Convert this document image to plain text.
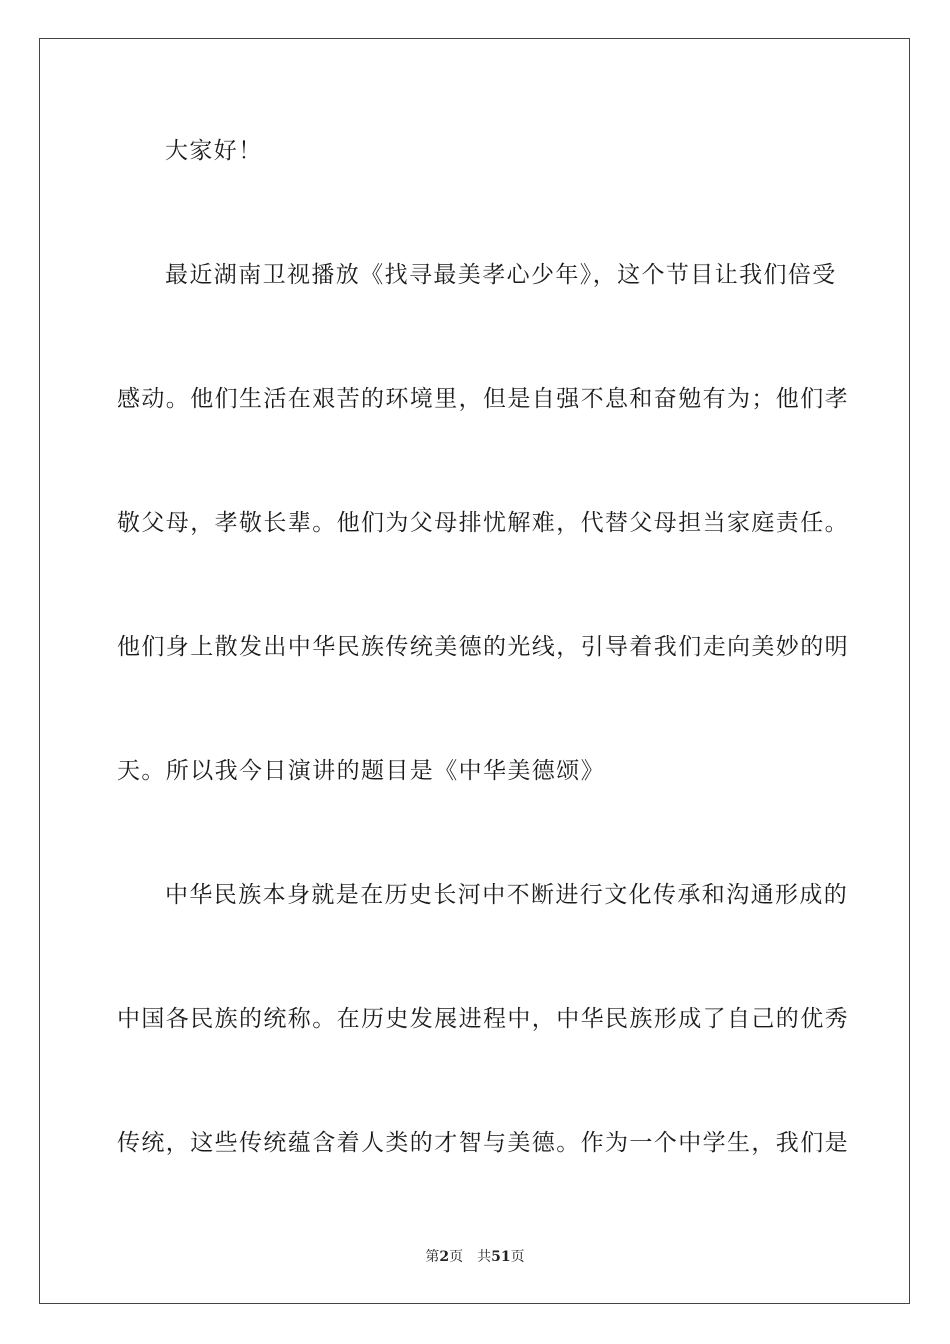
大家好！
最近湖南卫视播放《找寻最美孝心少年》，这个节目让我们倍受
感动。他们生活在艰苦的环境里，但是自强不息和奋勉有为；他们孝
敬父母，孝敬长辈。他们为父母排忧解难，代替父母担当家庭责任。
他们身上散发出中华民族传统美德的光线，引导着我们走向美妙的明
天。所以我今日演讲的题目是《中华美德颂》
中华民族本身就是在历史长河中不断进行文化传承和沟通形成的
中国各民族的统称。在历史发展进程中，中华民族形成了自己的优秀
传统，这些传统蕴含着人类的才智与美德。作为一个中学生，我们是
第2页 共51页
